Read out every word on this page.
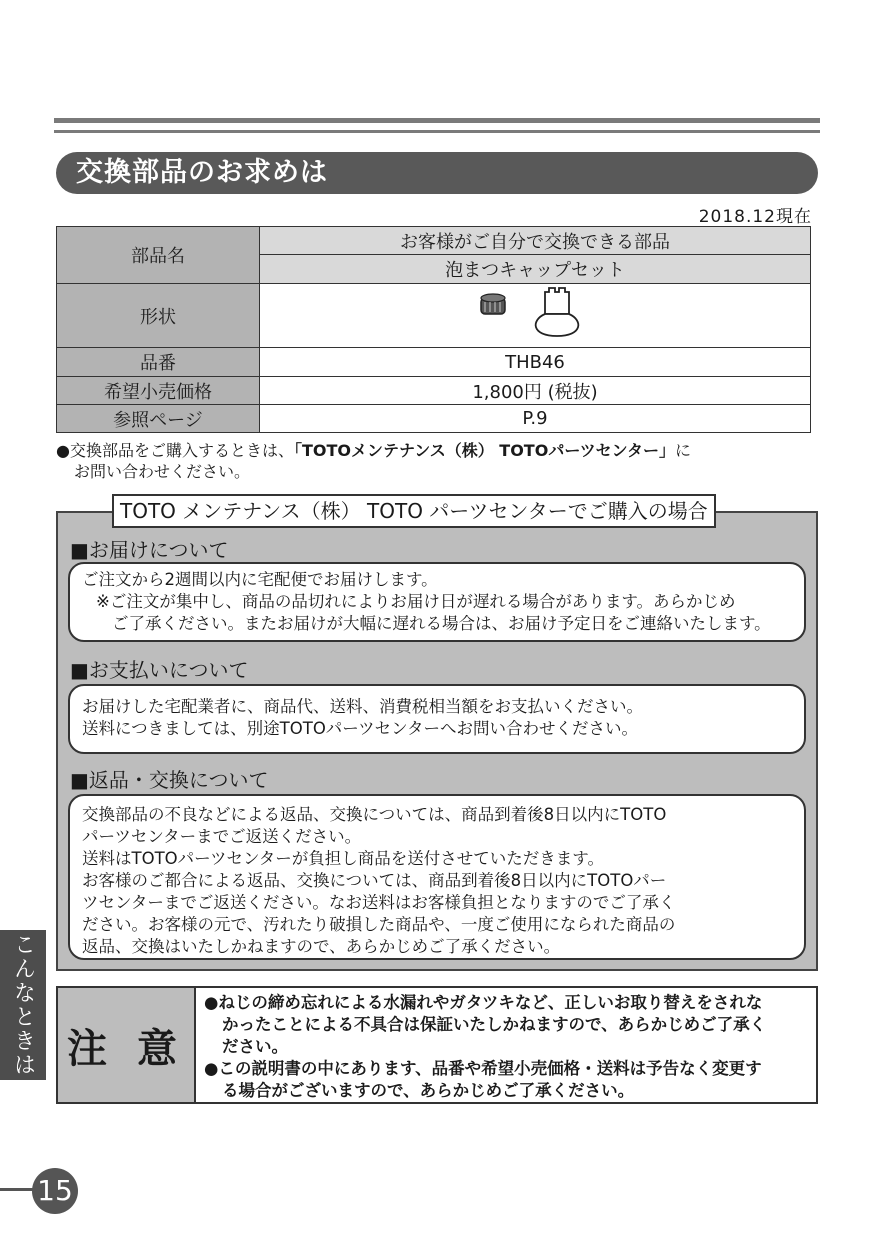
交換部品のお求めは
2018.12現在
部品名	お客様がご自分で交換できる部品
	泡まつキャップセット
形状	
品番	THB46
希望小売価格	1,800円 (税抜)
参照ページ	P.9
●交換部品をご購入するときは、「TOTOメンテナンス（株） TOTOパーツセンター」に
お問い合わせください。
TOTO メンテナンス（株） TOTO パーツセンターでご購入の場合
■お届けについて

ご注文から2週間以内に宅配便でお届けします。

※ご注文が集中し、商品の品切れによりお届け日が遅れる場合があります。あらかじめ

ご了承ください。またお届けが大幅に遅れる場合は、お届け予定日をご連絡いたします。

■お支払いについて

お届けした宅配業者に、商品代、送料、消費税相当額をお支払いください。

送料につきましては、別途TOTOパーツセンターへお問い合わせください。

■返品・交換について

交換部品の不良などによる返品、交換については、商品到着後8日以内にTOTO

パーツセンターまでご返送ください。

送料はTOTOパーツセンターが負担し商品を送付させていただきます。

お客様のご都合による返品、交換については、商品到着後8日以内にTOTOパー

ツセンターまでご返送ください。なお送料はお客様負担となりますのでご了承く

ださい。お客様の元で、汚れたり破損した商品や、一度ご使用になられた商品の

返品、交換はいたしかねますので、あらかじめご了承ください。

注 意

●ねじの締め忘れによる水漏れやガタツキなど、正しいお取り替えをされな
かったことによる不具合は保証いたしかねますので、あらかじめご了承く
ださい。

●この説明書の中にあります、品番や希望小売価格・送料は予告なく変更す
る場合がございますので、あらかじめご了承ください。

こんなときは
15
